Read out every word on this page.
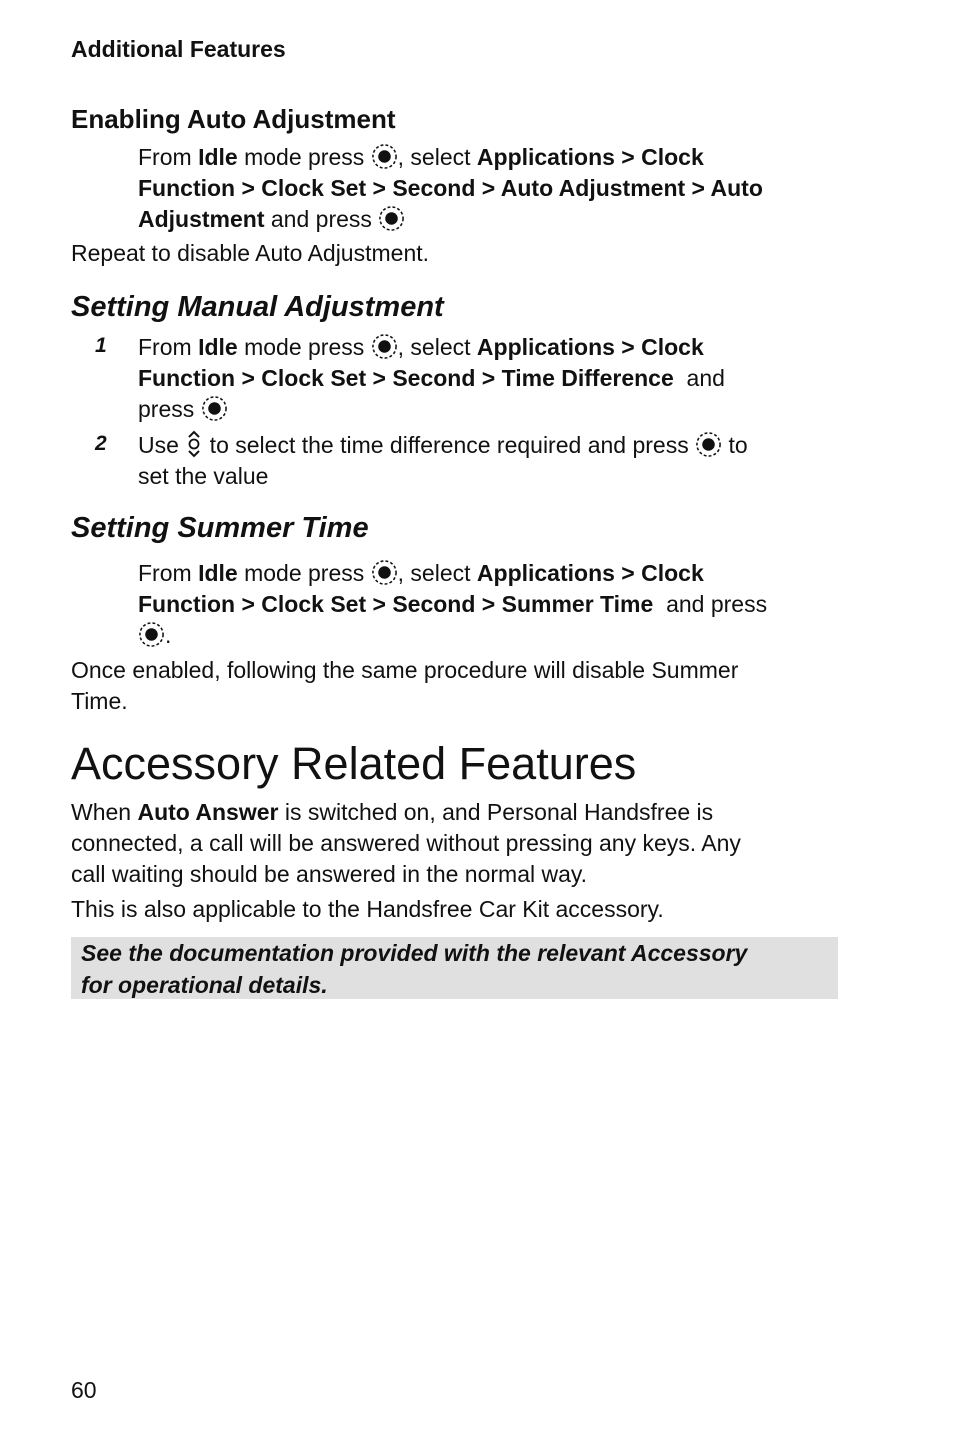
Additional Features
Enabling Auto Adjustment
From Idle mode press , select Applications > Clock
Function > Clock Set > Second > Auto Adjustment > Auto
Adjustment and press
Repeat to disable Auto Adjustment.
Setting Manual Adjustment
1 From Idle mode press , select Applications > Clock
Function > Clock Set > Second > Time Difference  and
press
2 Use  to select the time difference required and press  to
set the value
Setting Summer Time
From Idle mode press , select Applications > Clock
Function > Clock Set > Second > Summer Time  and press
.
Once enabled, following the same procedure will disable Summer
Time.
Accessory Related Features
When Auto Answer is switched on, and Personal Handsfree is
connected, a call will be answered without pressing any keys. Any
call waiting should be answered in the normal way.
This is also applicable to the Handsfree Car Kit accessory.

See the documentation provided with the relevant Accessory

for operational details.

60
